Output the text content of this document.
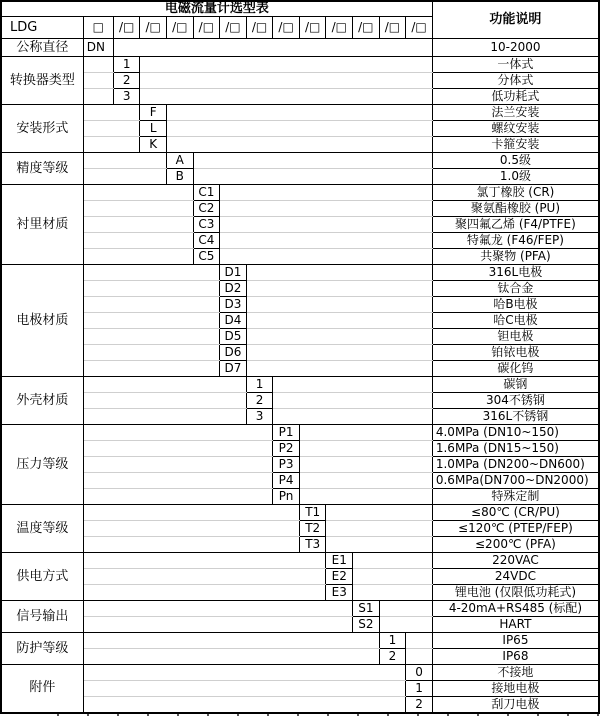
电磁流量计选型表														功能说明
LDG	□	/□	/□	/□	/□	/□	/□	/□	/□	/□	/□	/□	/□	
公称直径	DN													10-2000
转换器类型		1												一体式
		2												分体式
		3												低功耗式
安装形式			F											法兰安装
			L											螺纹安装
			K											卡箍安装
精度等级				A										0.5级
				B										1.0级
衬里材质					C1									氯丁橡胶 (CR)
					C2									聚氨酯橡胶 (PU)
					C3									聚四氟乙烯 (F4/PTFE)
					C4									特氟龙 (F46/FEP)
					C5									共聚物 (PFA)
电极材质						D1								316L电极
						D2								钛合金
						D3								哈B电极
						D4								哈C电极
						D5								钽电极
						D6								铂铱电极
						D7								碳化钨
外壳材质							1							碳钢
							2							304不锈钢
							3							316L不锈钢
压力等级								P1						4.0MPa (DN10~150)
								P2						1.6MPa (DN15~150)
								P3						1.0MPa (DN200~DN600)
								P4						0.6MPa(DN700~DN2000)
								Pn						特殊定制
温度等级									T1					≤80℃ (CR/PU)
									T2					≤120℃ (PTEP/FEP)
									T3					≤200℃ (PFA)
供电方式										E1				220VAC
										E2				24VDC
										E3				锂电池 (仅限低功耗式)
信号输出											S1			4-20mA+RS485 (标配)
											S2			HART
防护等级												1		IP65
												2		IP68
附件													0	不接地
													1	接地电极
													2	刮刀电极
